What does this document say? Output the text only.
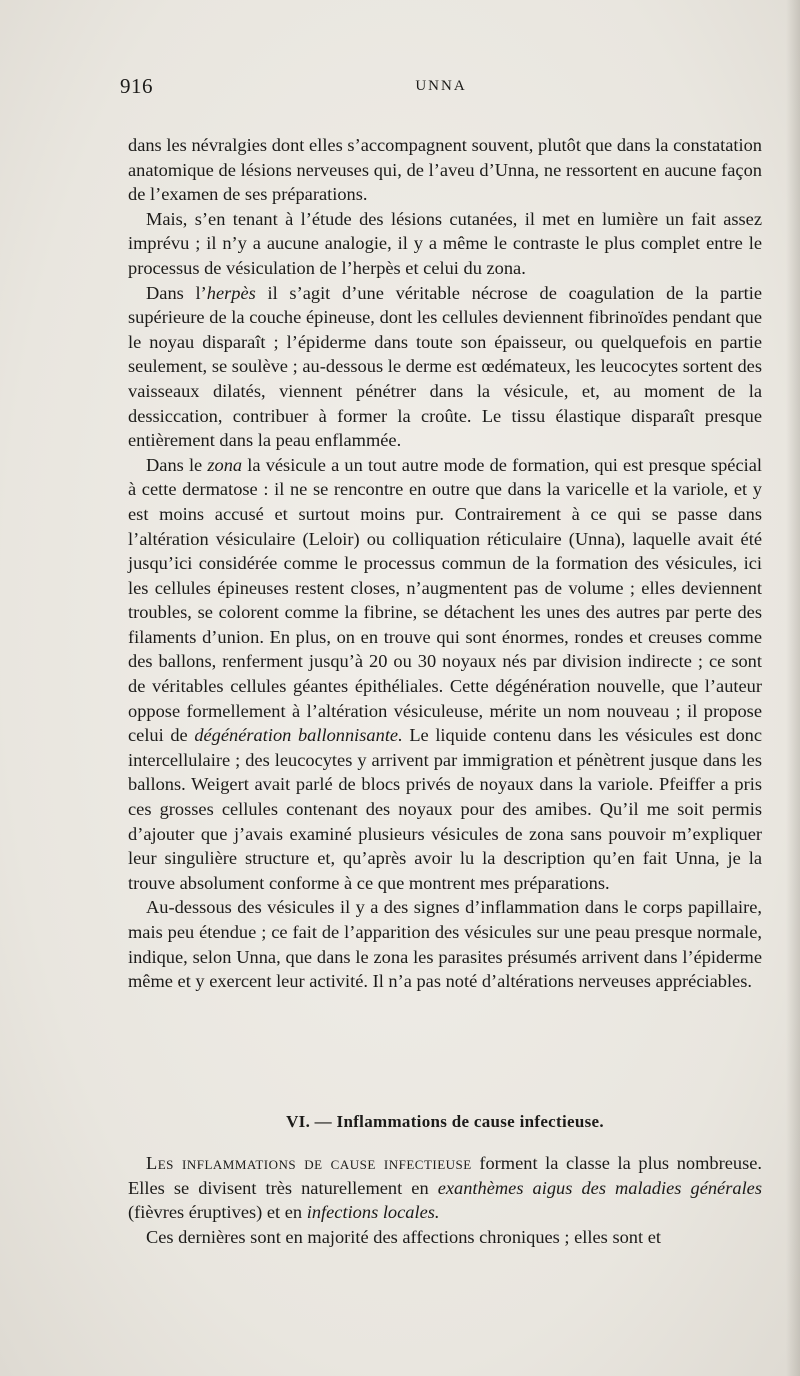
916	UNNA

dans les névralgies dont elles s’accompagnent souvent, plutôt que dans la constatation anatomique de lésions nerveuses qui, de l’aveu d’Unna, ne ressortent en aucune façon de l’examen de ses préparations.

Mais, s’en tenant à l’étude des lésions cutanées, il met en lumière un fait assez imprévu ; il n’y a aucune analogie, il y a même le contraste le plus complet entre le processus de vésiculation de l’herpès et celui du zona.

Dans l’herpès il s’agit d’une véritable nécrose de coagulation de la partie supérieure de la couche épineuse, dont les cellules deviennent fibrinoïdes pendant que le noyau disparaît ; l’épiderme dans toute son épaisseur, ou quelquefois en partie seulement, se soulève ; au-dessous le derme est œdémateux, les leucocytes sortent des vaisseaux dilatés, viennent pénétrer dans la vésicule, et, au moment de la dessiccation, contribuer à former la croûte. Le tissu élastique disparaît presque entièrement dans la peau enflammée.

Dans le zona la vésicule a un tout autre mode de formation, qui est presque spécial à cette dermatose : il ne se rencontre en outre que dans la varicelle et la variole, et y est moins accusé et surtout moins pur. Contrairement à ce qui se passe dans l’altération vésiculaire (Leloir) ou colliquation réticulaire (Unna), laquelle avait été jusqu’ici considérée comme le processus commun de la formation des vésicules, ici les cellules épineuses restent closes, n’augmentent pas de volume ; elles deviennent troubles, se colorent comme la fibrine, se détachent les unes des autres par perte des filaments d’union. En plus, on en trouve qui sont énormes, rondes et creuses comme des ballons, renferment jusqu’à 20 ou 30 noyaux nés par division indirecte ; ce sont de véritables cellules géantes épithéliales. Cette dégénération nouvelle, que l’auteur oppose formellement à l’altération vésiculeuse, mérite un nom nouveau ; il propose celui de dégénération ballonnisante. Le liquide contenu dans les vésicules est donc intercellulaire ; des leucocytes y arrivent par immigration et pénètrent jusque dans les ballons. Weigert avait parlé de blocs privés de noyaux dans la variole. Pfeiffer a pris ces grosses cellules contenant des noyaux pour des amibes. Qu’il me soit permis d’ajouter que j’avais examiné plusieurs vésicules de zona sans pouvoir m’expliquer leur singulière structure et, qu’après avoir lu la description qu’en fait Unna, je la trouve absolument conforme à ce que montrent mes préparations.

Au-dessous des vésicules il y a des signes d’inflammation dans le corps papillaire, mais peu étendue ; ce fait de l’apparition des vésicules sur une peau presque normale, indique, selon Unna, que dans le zona les parasites présumés arrivent dans l’épiderme même et y exercent leur activité. Il n’a pas noté d’altérations nerveuses appréciables.

VI. — Inflammations de cause infectieuse.

Les inflammations de cause infectieuse forment la classe la plus nombreuse. Elles se divisent très naturellement en exanthèmes aigus des maladies générales (fièvres éruptives) et en infections locales.

Ces dernières sont en majorité des affections chroniques ; elles sont et
